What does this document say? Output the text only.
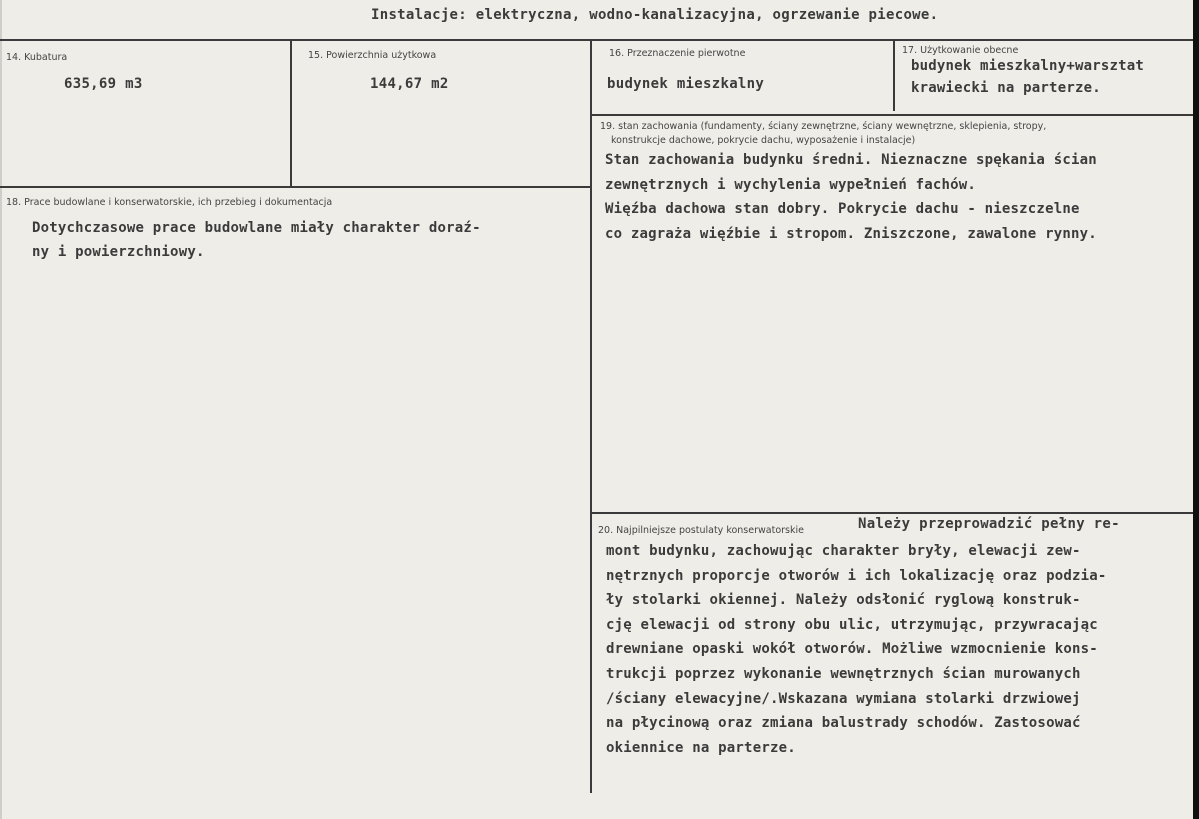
Instalacje: elektryczna, wodno-kanalizacyjna, ogrzewanie piecowe.
14. Kubatura
635,69 m3
15. Powierzchnia użytkowa
144,67 m2
16. Przeznaczenie pierwotne
budynek mieszkalny
17. Użytkowanie obecne
budynek mieszkalny+warsztat
krawiecki na parterze.
19. stan zachowania (fundamenty, ściany zewnętrzne, ściany wewnętrzne, sklepienia, stropy,
konstrukcje dachowe, pokrycie dachu, wyposażenie i instalacje)
Stan zachowania budynku średni. Nieznaczne spękania ścian
zewnętrznych i wychylenia wypełnień fachów.
Więźba dachowa stan dobry. Pokrycie dachu - nieszczelne
co zagraża więźbie i stropom. Zniszczone, zawalone rynny.
18. Prace budowlane i konserwatorskie, ich przebieg i dokumentacja
Dotychczasowe prace budowlane miały charakter doraź-
ny i powierzchniowy.
20. Najpilniejsze postulaty konserwatorskie	Należy przeprowadzić pełny re-
mont budynku, zachowując charakter bryły, elewacji zew-
nętrznych proporcje otworów i ich lokalizację oraz podzia-
ły stolarki okiennej. Należy odsłonić ryglową konstruk-
cję elewacji od strony obu ulic, utrzymując, przywracając
drewniane opaski wokół otworów. Możliwe wzmocnienie kons-
trukcji poprzez wykonanie wewnętrznych ścian murowanych
/ściany elewacyjne/.Wskazana wymiana stolarki drzwiowej
na płycinową oraz zmiana balustrady schodów. Zastosować
okiennice na parterze.
